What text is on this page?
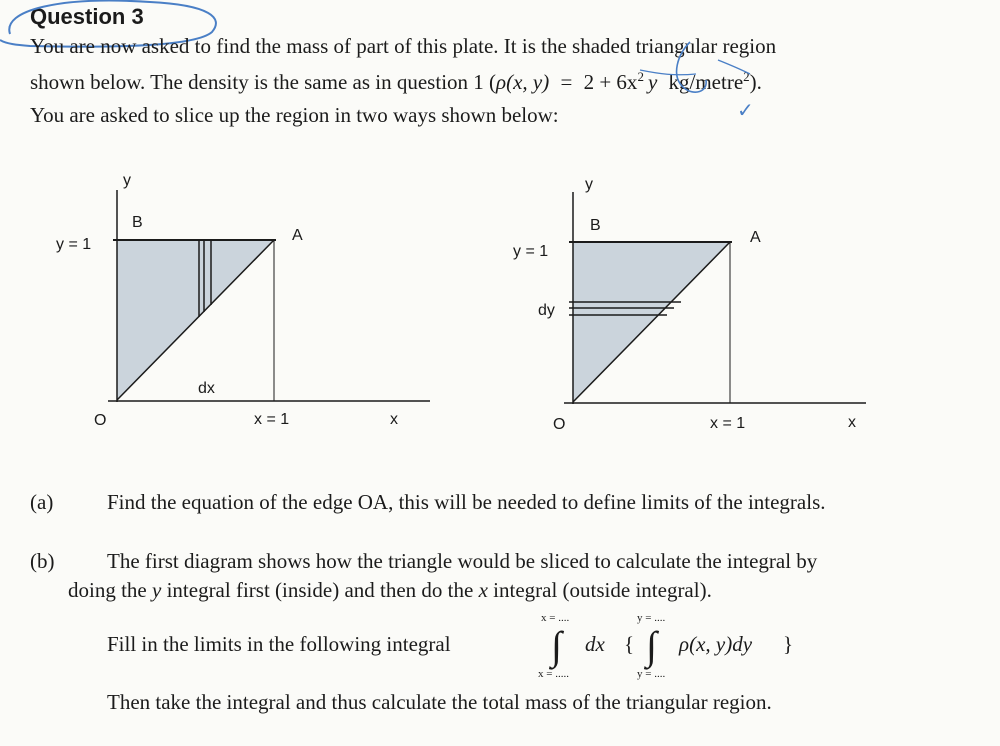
Question 3
You are now asked to find the mass of part of this plate. It is the shaded triangular region
shown below. The density is the same as in question 1 (ρ(x, $y) = 2 + 6x^2$ y kg/metre$^2$).
You are asked to slice up the region in two ways shown below:	✓
y
B
A
y = 1
dx
O	x = 1	x
y
B
A
y = 1
dy
O	x = 1	x
(a)	Find the equation of the edge OA, this will be needed to define limits of the integrals.
(b)	The first diagram shows how the triangle would be sliced to calculate the integral by
doing the y integral first (inside) and then do the x integral (outside integral).
Fill in the limits in the following integral
x = ....
∫
x = .....
dx {
y = ....
∫
y = ....
ρ(x, y)dy }
Then take the integral and thus calculate the total mass of the triangular region.
